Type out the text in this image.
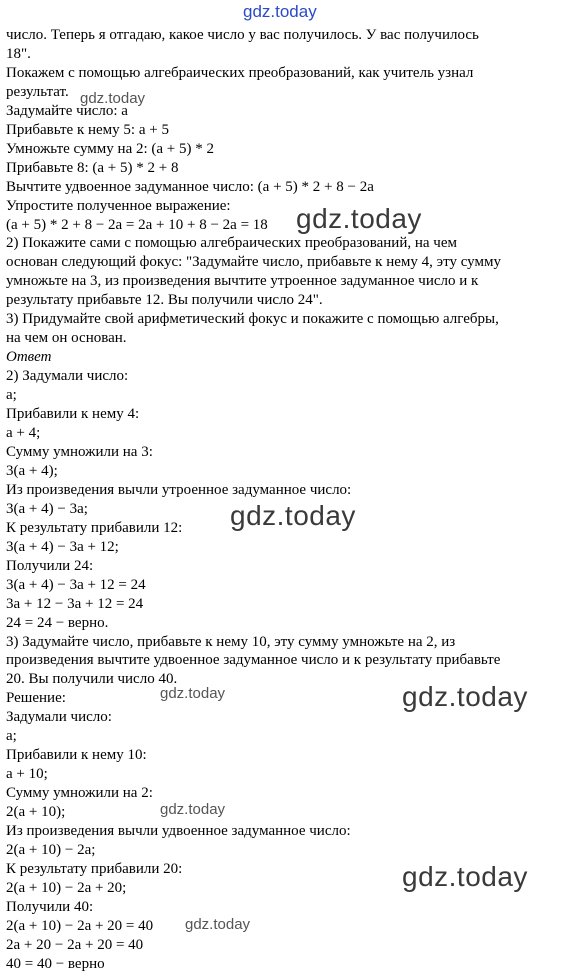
gdz.today
число. Теперь я отгадаю, какое число у вас получилось. У вас получилось
18".
Покажем с помощью алгебраических преобразований, как учитель узнал
результат.
Задумайте число: а
Прибавьте к нему 5: а + 5
Умножьте сумму на 2: (а + 5) * 2
Прибавьте 8: (а + 5) * 2 + 8
Вычтите удвоенное задуманное число: (а + 5) * 2 + 8 − 2а
Упростите полученное выражение:
(а + 5) * 2 + 8 − 2а = 2а + 10 + 8 − 2а = 18
2) Покажите сами с помощью алгебраических преобразований, на чем
основан следующий фокус: "Задумайте число, прибавьте к нему 4, эту сумму
умножьте на 3, из произведения вычтите утроенное задуманное число и к
результату прибавьте 12. Вы получили число 24".
3) Придумайте свой арифметический фокус и покажите с помощью алгебры,
на чем он основан.
Ответ
2) Задумали число:
а;
Прибавили к нему 4:
а + 4;
Сумму умножили на 3:
3(а + 4);
Из произведения вычли утроенное задуманное число:
3(а + 4) − 3а;
К результату прибавили 12:
3(а + 4) − 3а + 12;
Получили 24:
3(а + 4) − 3а + 12 = 24
3а + 12 − 3а + 12 = 24
24 = 24 − верно.
3) Задумайте число, прибавьте к нему 10, эту сумму умножьте на 2, из
произведения вычтите удвоенное задуманное число и к результату прибавьте
20. Вы получили число 40.
Решение:
Задумали число:
а;
Прибавили к нему 10:
а + 10;
Сумму умножили на 2:
2(а + 10);
Из произведения вычли удвоенное задуманное число:
2(а + 10) − 2а;
К результату прибавили 20:
2(а + 10) − 2а + 20;
Получили 40:
2(а + 10) − 2а + 20 = 40
2а + 20 − 2а + 20 = 40
40 = 40 − верно
gdz.today
gdz.today
gdz.today
gdz.today	gdz.today
gdz.today
gdz.today
gdz.today
